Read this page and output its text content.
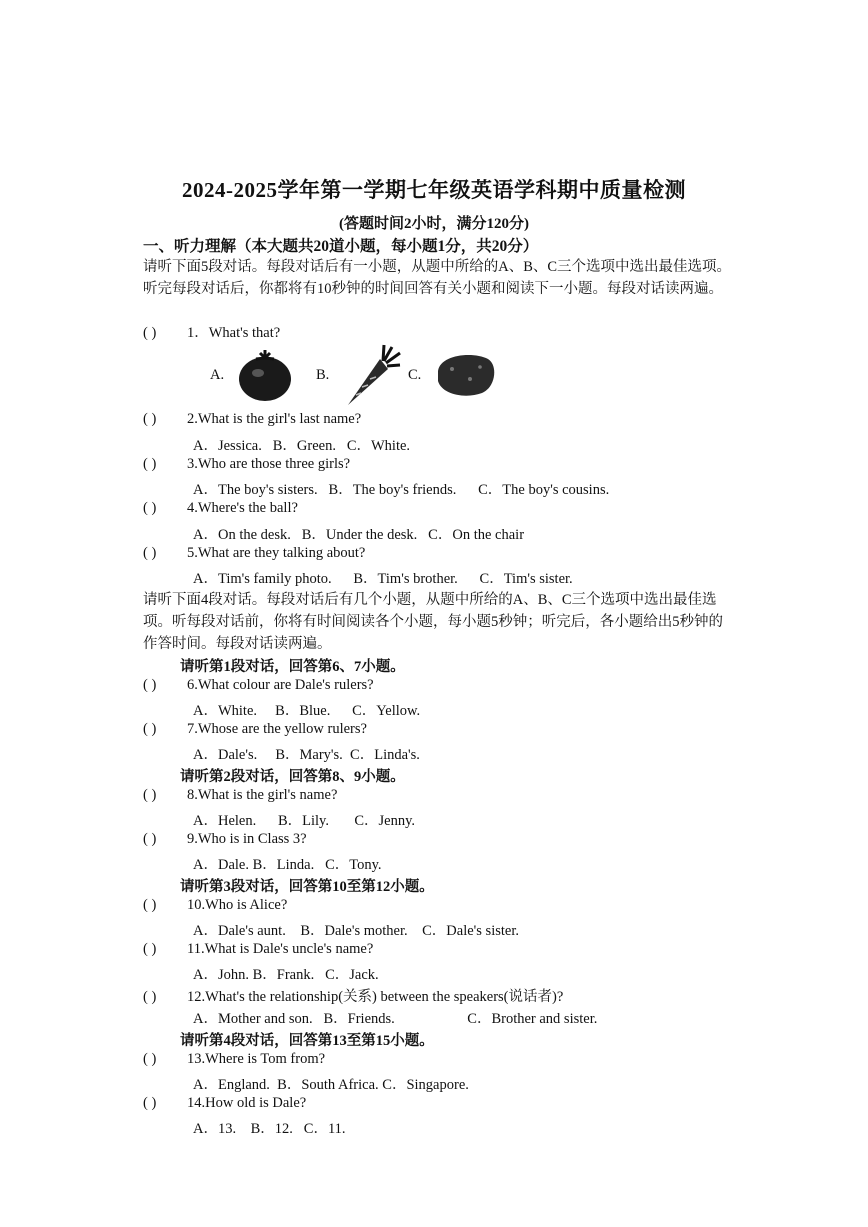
2024-2025学年第一学期七年级英语学科期中质量检测
(答题时间2小时，满分120分)
一、听力理解（本大题共20道小题，每小题1分，共20分）
请听下面5段对话。每段对话后有一小题，从题中所给的A、B、C三个选项中选出最佳选项。听完每段对话后，你都将有10秒钟的时间回答有关小题和阅读下一小题。每段对话读两遍。
( ) 1．What's that?
A.	B.	C.
( ) 2.What is the girl's last name?
A．Jessica.   B．Green.   C．White.
( ) 3.Who are those three girls?
A．The boy's sisters.   B．The boy's friends.      C．The boy's cousins.
( ) 4.Where's the ball?
A．On the desk.   B．Under the desk.   C．On the chair
( ) 5.What are they talking about?
A．Tim's family photo.      B．Tim's brother.      C．Tim's sister.
请听下面4段对话。每段对话后有几个小题，从题中所给的A、B、C三个选项中选出最佳选项。听每段对话前，你将有时间阅读各个小题，每小题5秒钟；听完后，各小题给出5秒钟的作答时间。每段对话读两遍。
请听第1段对话，回答第6、7小题。
( ) 6.What colour are Dale's rulers?
A．White.     B．Blue.      C．Yellow.
( ) 7.Whose are the yellow rulers?
A．Dale's.     B．Mary's.  C．Linda's.
请听第2段对话，回答第8、9小题。
( ) 8.What is the girl's name?
A．Helen.      B．Lily.       C．Jenny.
( ) 9.Who is in Class 3?
A．Dale. B．Linda.   C．Tony.
请听第3段对话，回答第10至第12小题。
( ) 10.Who is Alice?
A．Dale's aunt.    B．Dale's mother.    C．Dale's sister.
( ) 11.What is Dale's uncle's name?
A．John. B．Frank.   C．Jack.
( ) 12.What's the relationship(关系) between the speakers(说话者)?
A．Mother and son.   B．Friends.                    C．Brother and sister.
请听第4段对话，回答第13至第15小题。
( ) 13.Where is Tom from?
A．England.  B．South Africa. C．Singapore.
( ) 14.How old is Dale?
A．13.    B．12.   C．11.
